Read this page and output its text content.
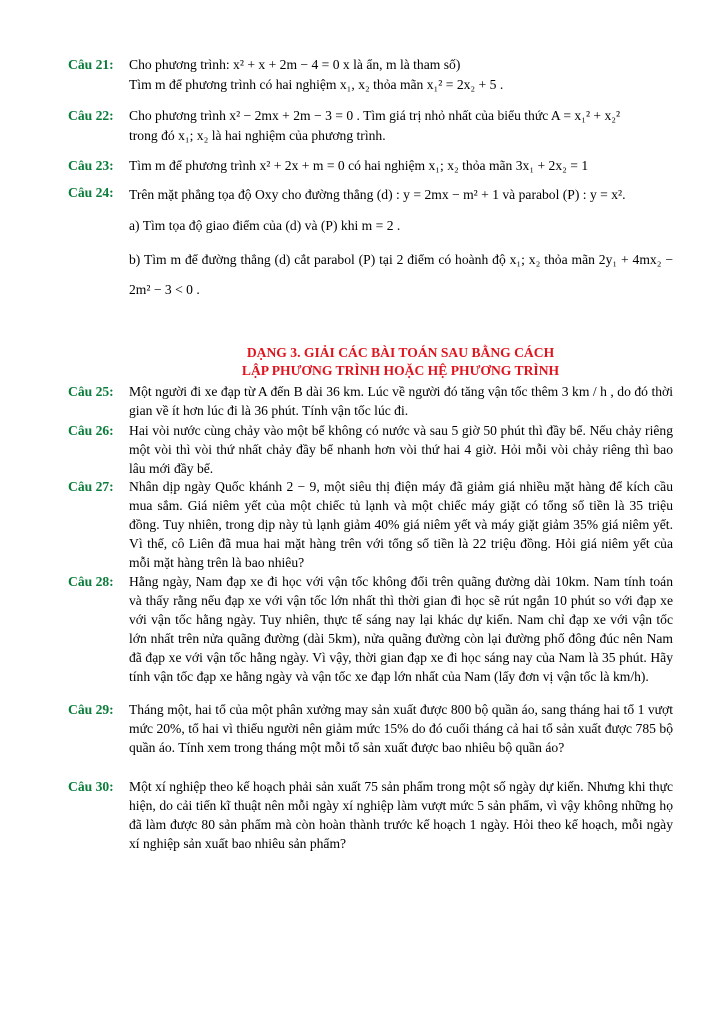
Câu 21:	Cho phương trình: x² + x + 2m − 4 = 0 x là ẩn, m là tham số)

Tìm m để phương trình có hai nghiệm x₁, x₂ thỏa mãn x₁² = 2x₂ + 5 .

Câu 22:	Cho phương trình x² − 2mx + 2m − 3 = 0 . Tìm giá trị nhỏ nhất của biểu thức A = x₁² + x₂²

trong đó x₁; x₂ là hai nghiệm của phương trình.

Câu 23:	Tìm m để phương trình x² + 2x + m = 0 có hai nghiệm x₁; x₂ thỏa mãn 3x₁ + 2x₂ = 1

Câu 24:	Trên mặt phẳng tọa độ Oxy cho đường thẳng (d) : y = 2mx − m² + 1 và parabol (P) : y = x².

a) Tìm tọa độ giao điểm của (d) và (P) khi m = 2 .

b) Tìm m để đường thẳng (d) cắt parabol (P) tại 2 điểm có hoành độ x₁; x₂ thỏa mãn 2y₁ + 4mx₂ − 2m² − 3 < 0 .

DẠNG 3. GIẢI CÁC BÀI TOÁN SAU BẰNG CÁCH
LẬP PHƯƠNG TRÌNH HOẶC HỆ PHƯƠNG TRÌNH
Câu 25:	Một người đi xe đạp từ A đến B dài 36 km. Lúc về người đó tăng vận tốc thêm 3 km / h , do đó thời gian về ít hơn lúc đi là 36 phút. Tính vận tốc lúc đi.

Câu 26:	Hai vòi nước cùng chảy vào một bể không có nước và sau 5 giờ 50 phút thì đầy bể. Nếu chảy riêng một vòi thì vòi thứ nhất chảy đầy bể nhanh hơn vòi thứ hai 4 giờ. Hỏi mỗi vòi chảy riêng thì bao lâu mới đầy bể.

Câu 27:	Nhân dịp ngày Quốc khánh 2 − 9, một siêu thị điện máy đã giảm giá nhiều mặt hàng để kích cầu mua sắm. Giá niêm yết của một chiếc tủ lạnh và một chiếc máy giặt có tổng số tiền là 35 triệu đồng. Tuy nhiên, trong dịp này tủ lạnh giảm 40% giá niêm yết và máy giặt giảm 35% giá niêm yết. Vì thế, cô Liên đã mua hai mặt hàng trên với tổng số tiền là 22 triệu đồng. Hỏi giá niêm yết của mỗi mặt hàng trên là bao nhiêu?

Câu 28:	Hằng ngày, Nam đạp xe đi học với vận tốc không đổi trên quãng đường dài 10km. Nam tính toán và thấy rằng nếu đạp xe với vận tốc lớn nhất thì thời gian đi học sẽ rút ngắn 10 phút so với đạp xe với vận tốc hằng ngày. Tuy nhiên, thực tế sáng nay lại khác dự kiến. Nam chỉ đạp xe với vận tốc lớn nhất trên nửa quãng đường (dài 5km), nửa quãng đường còn lại đường phố đông đúc nên Nam đã đạp xe với vận tốc hằng ngày. Vì vậy, thời gian đạp xe đi học sáng nay của Nam là 35 phút. Hãy tính vận tốc đạp xe hằng ngày và vận tốc xe đạp lớn nhất của Nam (lấy đơn vị vận tốc là km/h).

Câu 29:	Tháng một, hai tổ của một phân xưởng may sản xuất được 800 bộ quần áo, sang tháng hai tổ 1 vượt mức 20%, tổ hai vì thiếu người nên giảm mức 15% do đó cuối tháng cả hai tổ sản xuất được 785 bộ quần áo. Tính xem trong tháng một mỗi tổ sản xuất được bao nhiêu bộ quần áo?

Câu 30:	Một xí nghiệp theo kế hoạch phải sản xuất 75 sản phẩm trong một số ngày dự kiến. Nhưng khi thực hiện, do cải tiến kĩ thuật nên mỗi ngày xí nghiệp làm vượt mức 5 sản phẩm, vì vậy không những họ đã làm được 80 sản phẩm mà còn hoàn thành trước kế hoạch 1 ngày. Hỏi theo kế hoạch, mỗi ngày xí nghiệp sản xuất bao nhiêu sản phẩm?
